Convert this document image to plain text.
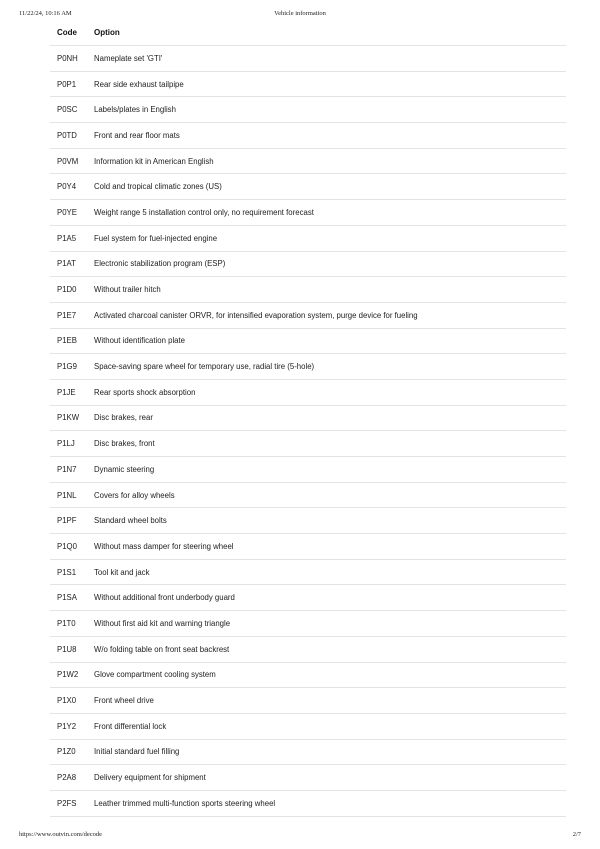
11/22/24, 10:16 AM	Vehicle information
Code	Option
P0NH	Nameplate set 'GTI'
P0P1	Rear side exhaust tailpipe
P0SC	Labels/plates in English
P0TD	Front and rear floor mats
P0VM	Information kit in American English
P0Y4	Cold and tropical climatic zones (US)
P0YE	Weight range 5 installation control only, no requirement forecast
P1A5	Fuel system for fuel-injected engine
P1AT	Electronic stabilization program (ESP)
P1D0	Without trailer hitch
P1E7	Activated charcoal canister ORVR, for intensified evaporation system, purge device for fueling
P1EB	Without identification plate
P1G9	Space-saving spare wheel for temporary use, radial tire (5-hole)
P1JE	Rear sports shock absorption
P1KW	Disc brakes, rear
P1LJ	Disc brakes, front
P1N7	Dynamic steering
P1NL	Covers for alloy wheels
P1PF	Standard wheel bolts
P1Q0	Without mass damper for steering wheel
P1S1	Tool kit and jack
P1SA	Without additional front underbody guard
P1T0	Without first aid kit and warning triangle
P1U8	W/o folding table on front seat backrest
P1W2	Glove compartment cooling system
P1X0	Front wheel drive
P1Y2	Front differential lock
P1Z0	Initial standard fuel filling
P2A8	Delivery equipment for shipment
P2FS	Leather trimmed multi-function sports steering wheel
https://www.outvin.com/decode	2/7
